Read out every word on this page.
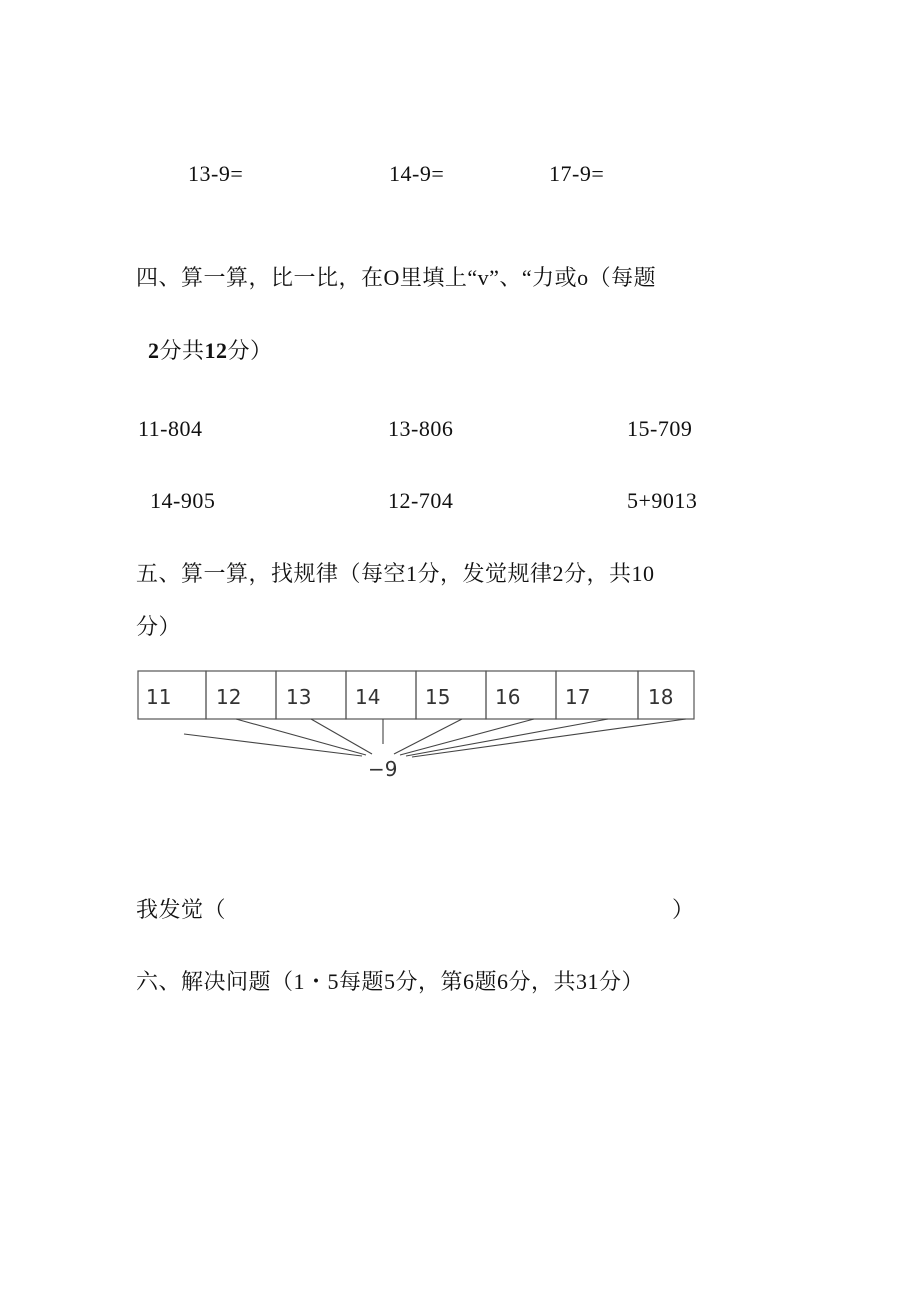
13-9=	14-9=	17-9=
四、算一算，比一比，在O里填上“v”、“力或o（每题
2分共12分）
11-804	13-806	15-709
14-905	12-704	5+9013
五、算一算，找规律（每空1分，发觉规律2分，共10
分）
11 12 13 14 15 16 17	18
−9
我发觉（	）
六、解决问题（1・5每题5分，第6题6分，共31分）
